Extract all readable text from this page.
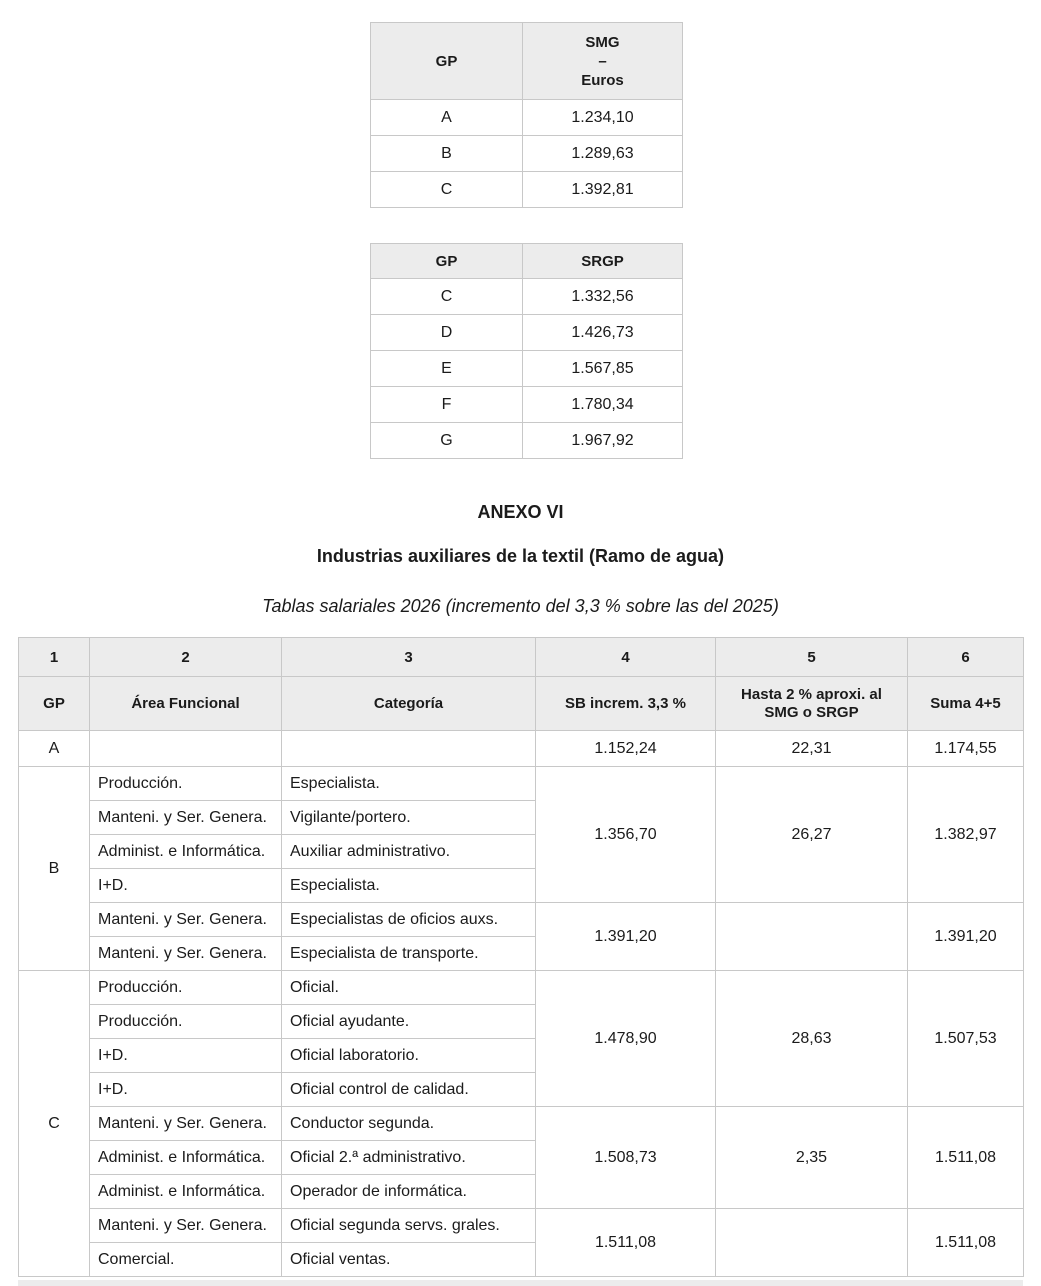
GP	SMG
–
Euros

A	1.234,10
B	1.289,63
C	1.392,81
GP	SRGP
C	1.332,56
D	1.426,73
E	1.567,85
F	1.780,34
G	1.967,92
ANEXO VI
Industrias auxiliares de la textil (Ramo de agua)
Tablas salariales 2026 (incremento del 3,3 % sobre las del 2025)
1	2	3	4	5	6
GP	Área Funcional	Categoría	SB increm. 3,3 %	Hasta 2 % aproxi. al SMG o SRGP	Suma 4+5
A			1.152,24	22,31	1.174,55
B	Producción.	Especialista.	1.356,70	26,27	1.382,97
	Manteni. y Ser. Genera.	Vigilante/portero.			
	Administ. e Informática.	Auxiliar administrativo.			
	I+D.	Especialista.			
	Manteni. y Ser. Genera.	Especialistas de oficios auxs.	1.391,20		1.391,20
	Manteni. y Ser. Genera.	Especialista de transporte.			
C	Producción.	Oficial.	1.478,90	28,63	1.507,53
	Producción.	Oficial ayudante.			
	I+D.	Oficial laboratorio.			
	I+D.	Oficial control de calidad.			
	Manteni. y Ser. Genera.	Conductor segunda.	1.508,73	2,35	1.511,08
	Administ. e Informática.	Oficial 2.ª administrativo.			
	Administ. e Informática.	Operador de informática.			
	Manteni. y Ser. Genera.	Oficial segunda servs. grales.	1.511,08		1.511,08
	Comercial.	Oficial ventas.			
